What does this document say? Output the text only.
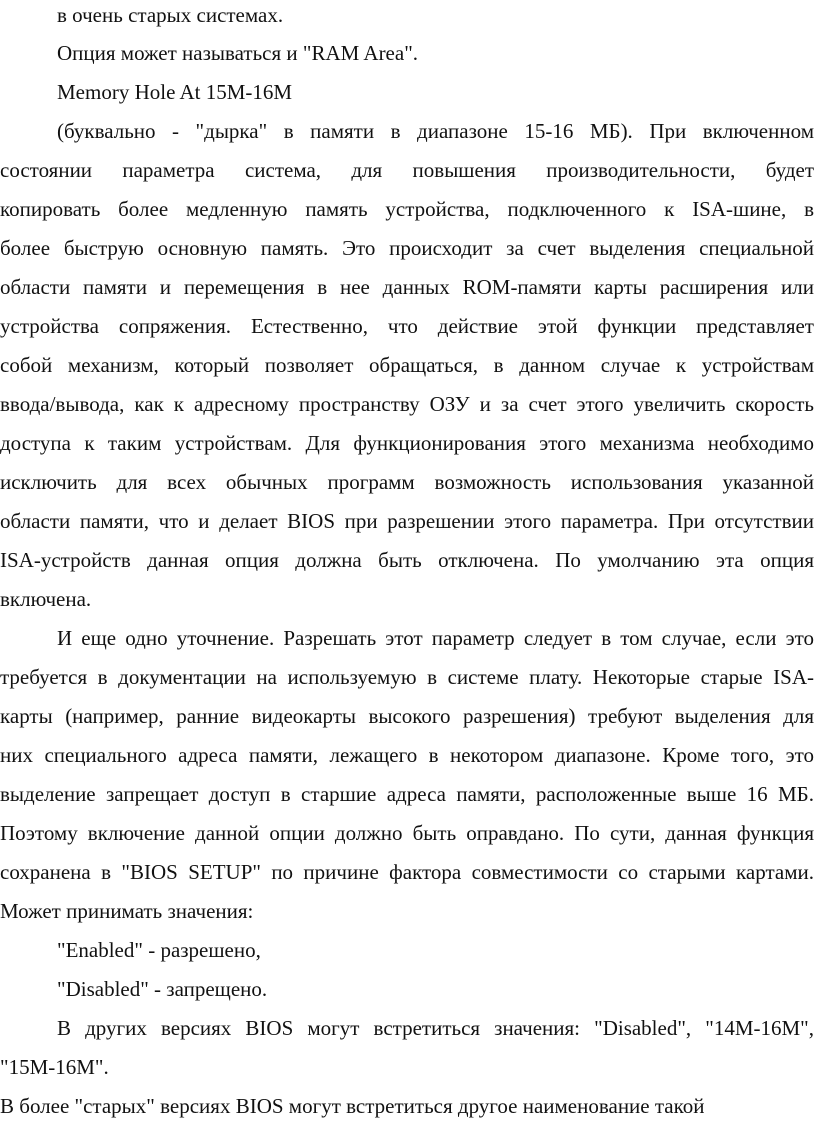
в очень старых системах.
Опция может называться и "RAM Area".
Memory Hole At 15M-16M
(буквально - "дырка" в памяти в диапазоне 15-16 МБ). При включенном
состоянии параметра система, для повышения производительности, будет
копировать более медленную память устройства, подключенного к ISA-шине, в
более быструю основную память. Это происходит за счет выделения специальной
области памяти и перемещения в нее данных ROM-памяти карты расширения или
устройства сопряжения. Естественно, что действие этой функции представляет
собой механизм, который позволяет обращаться, в данном случае к устройствам
ввода/вывода, как к адресному пространству ОЗУ и за счет этого увеличить скорость
доступа к таким устройствам. Для функционирования этого механизма необходимо
исключить для всех обычных программ возможность использования указанной
области памяти, что и делает BIOS при разрешении этого параметра. При отсутствии
ISA-устройств данная опция должна быть отключена. По умолчанию эта опция
включена.
И еще одно уточнение. Разрешать этот параметр следует в том случае, если это
требуется в документации на используемую в системе плату. Некоторые старые ISA-
карты (например, ранние видеокарты высокого разрешения) требуют выделения для
них специального адреса памяти, лежащего в некотором диапазоне. Кроме того, это
выделение запрещает доступ в старшие адреса памяти, расположенные выше 16 МБ.
Поэтому включение данной опции должно быть оправдано. По сути, данная функция
сохранена в "BIOS SETUP" по причине фактора совместимости со старыми картами.
Может принимать значения:
"Enabled" - разрешено,
"Disabled" - запрещено.
В других версиях BIOS могут встретиться значения: "Disabled", "14M-16M",
"15M-16M".
В более "старых" версиях BIOS могут встретиться другое наименование такой
